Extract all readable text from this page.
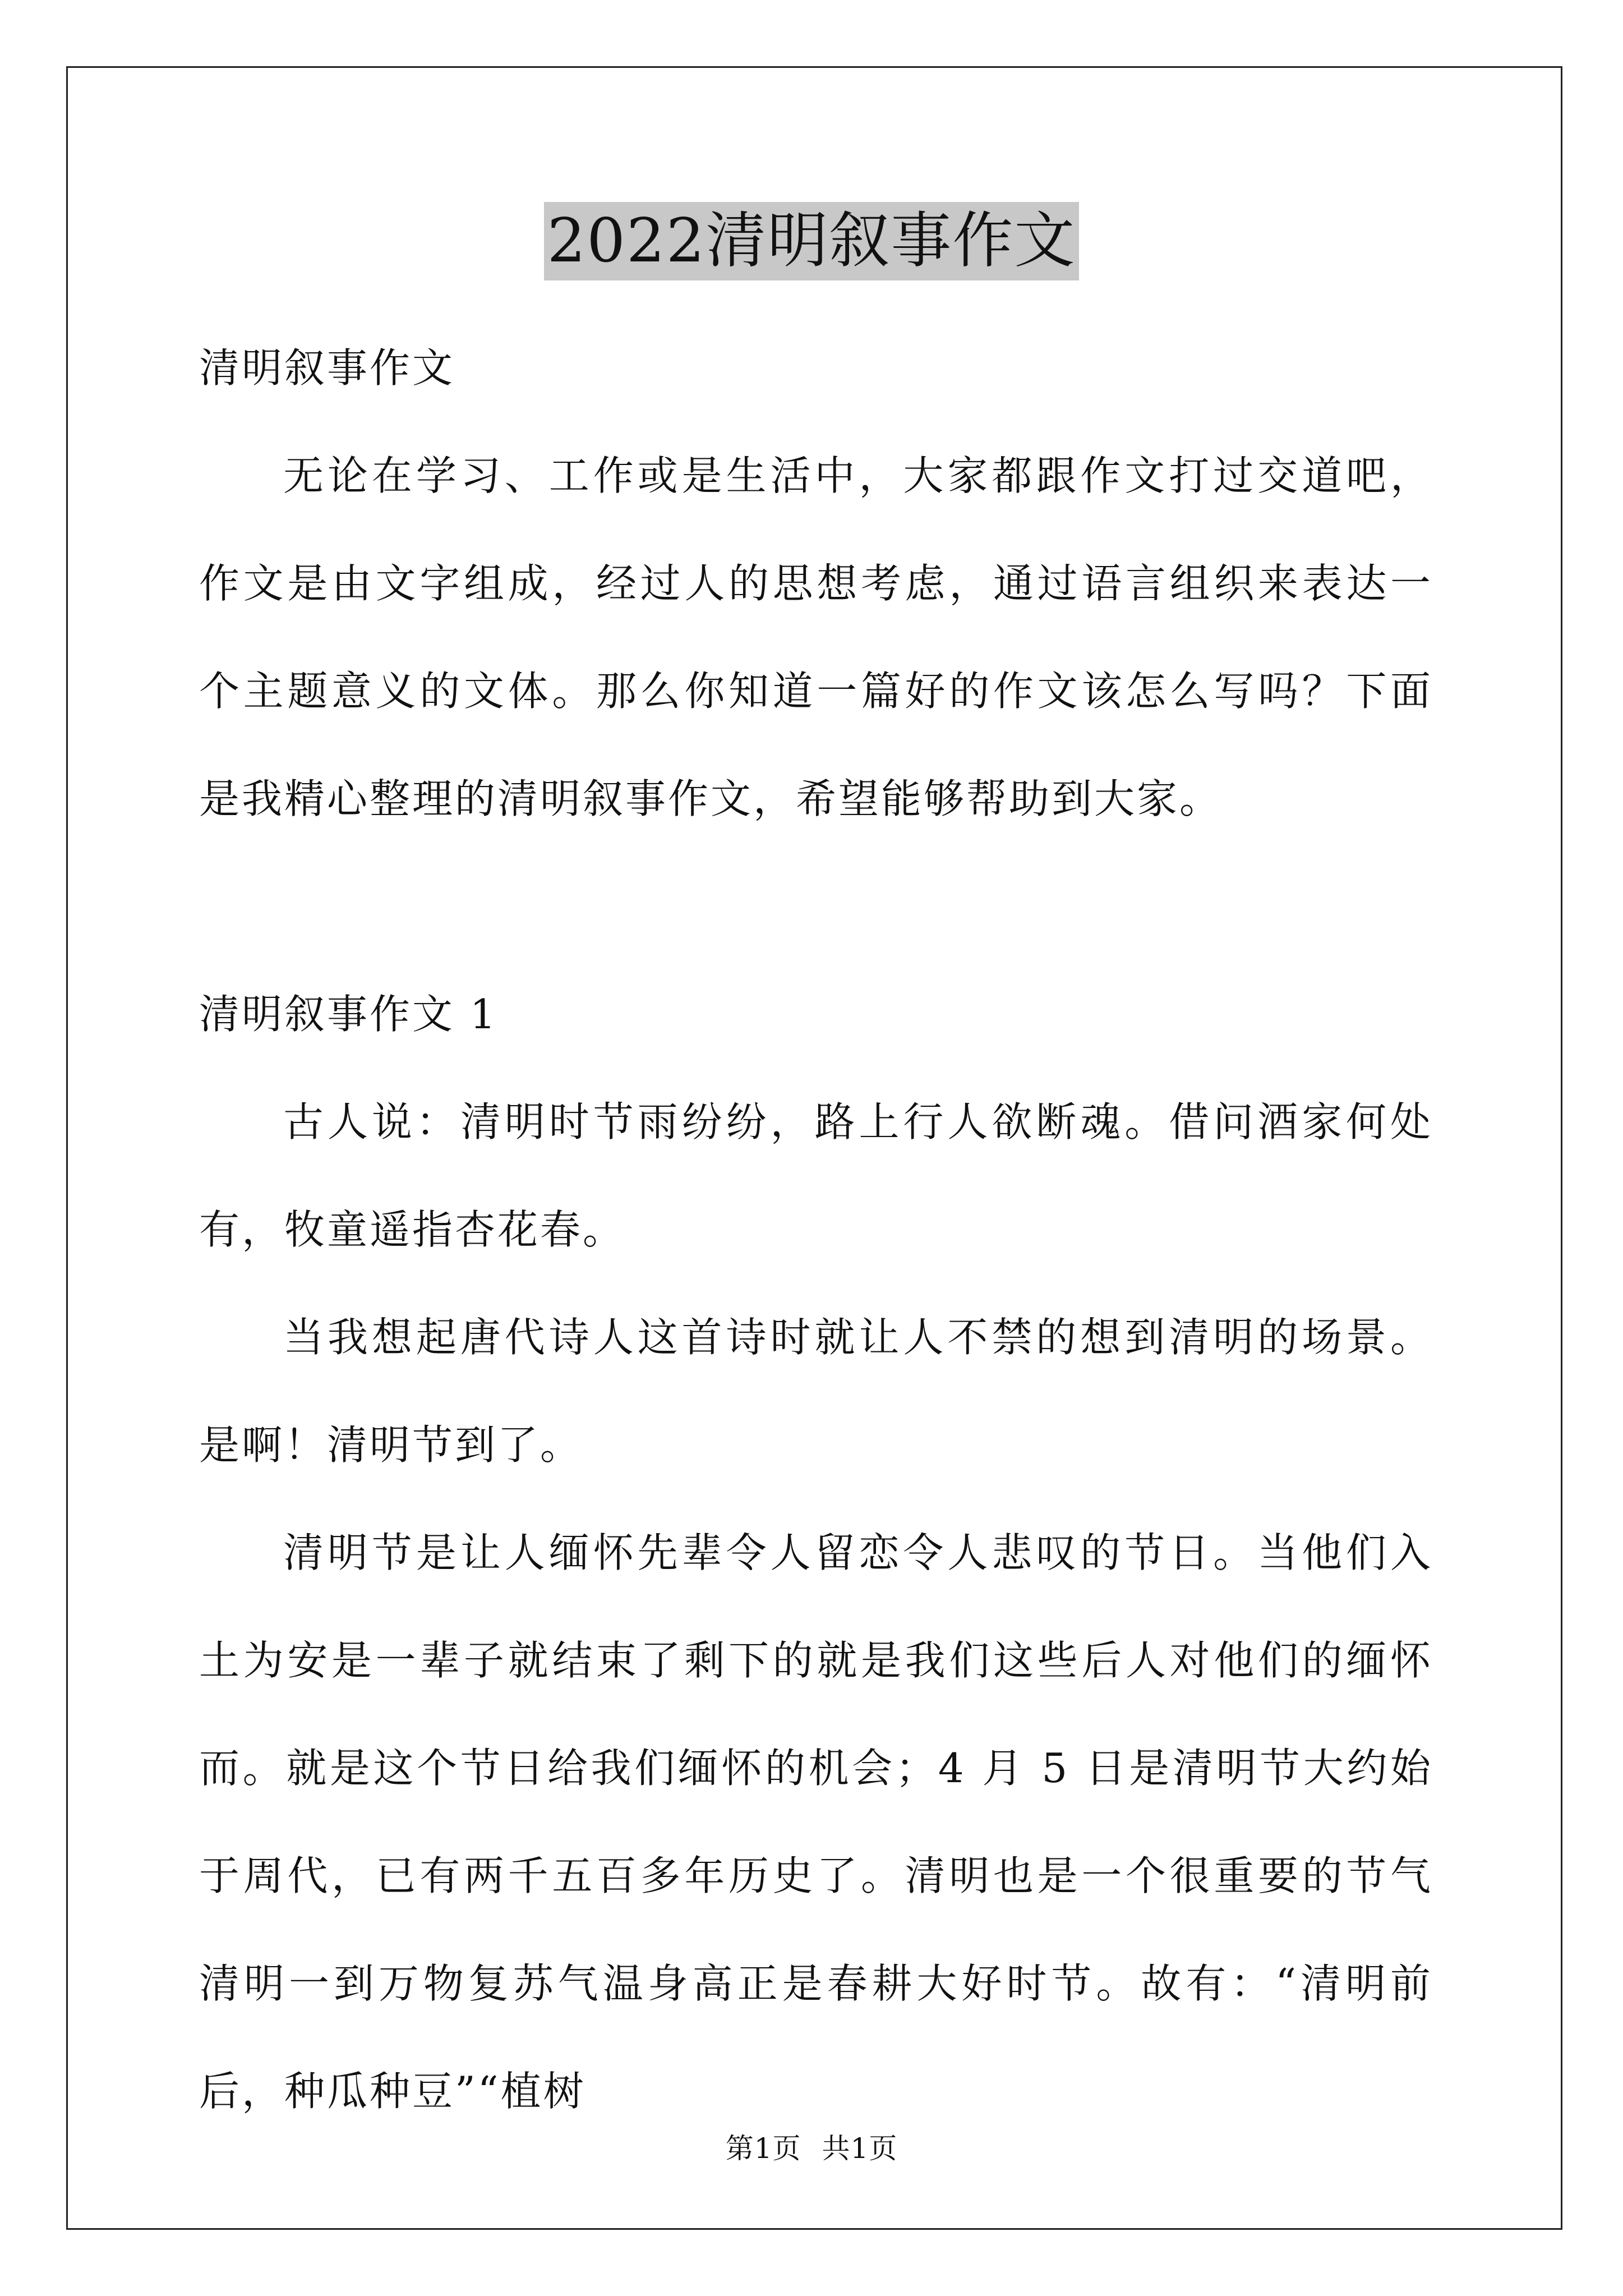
2022清明叙事作文

清明叙事作文

无论在学习、工作或是生活中，大家都跟作文打过交道吧，作文是由文字组成，经过人的思想考虑，通过语言组织来表达一个主题意义的文体。那么你知道一篇好的作文该怎么写吗？下面是我精心整理的清明叙事作文，希望能够帮助到大家。

清明叙事作文 1

古人说：清明时节雨纷纷，路上行人欲断魂。借问酒家何处有，牧童遥指杏花春。

当我想起唐代诗人这首诗时就让人不禁的想到清明的场景。是啊！清明节到了。

清明节是让人缅怀先辈令人留恋令人悲叹的节日。当他们入土为安是一辈子就结束了剩下的就是我们这些后人对他们的缅怀而。就是这个节日给我们缅怀的机会；4 月 5 日是清明节大约始于周代，已有两千五百多年历史了。清明也是一个很重要的节气清明一到万物复苏气温身高正是春耕大好时节。故有：“清明前后，种瓜种豆”“植树

第1页 共1页
